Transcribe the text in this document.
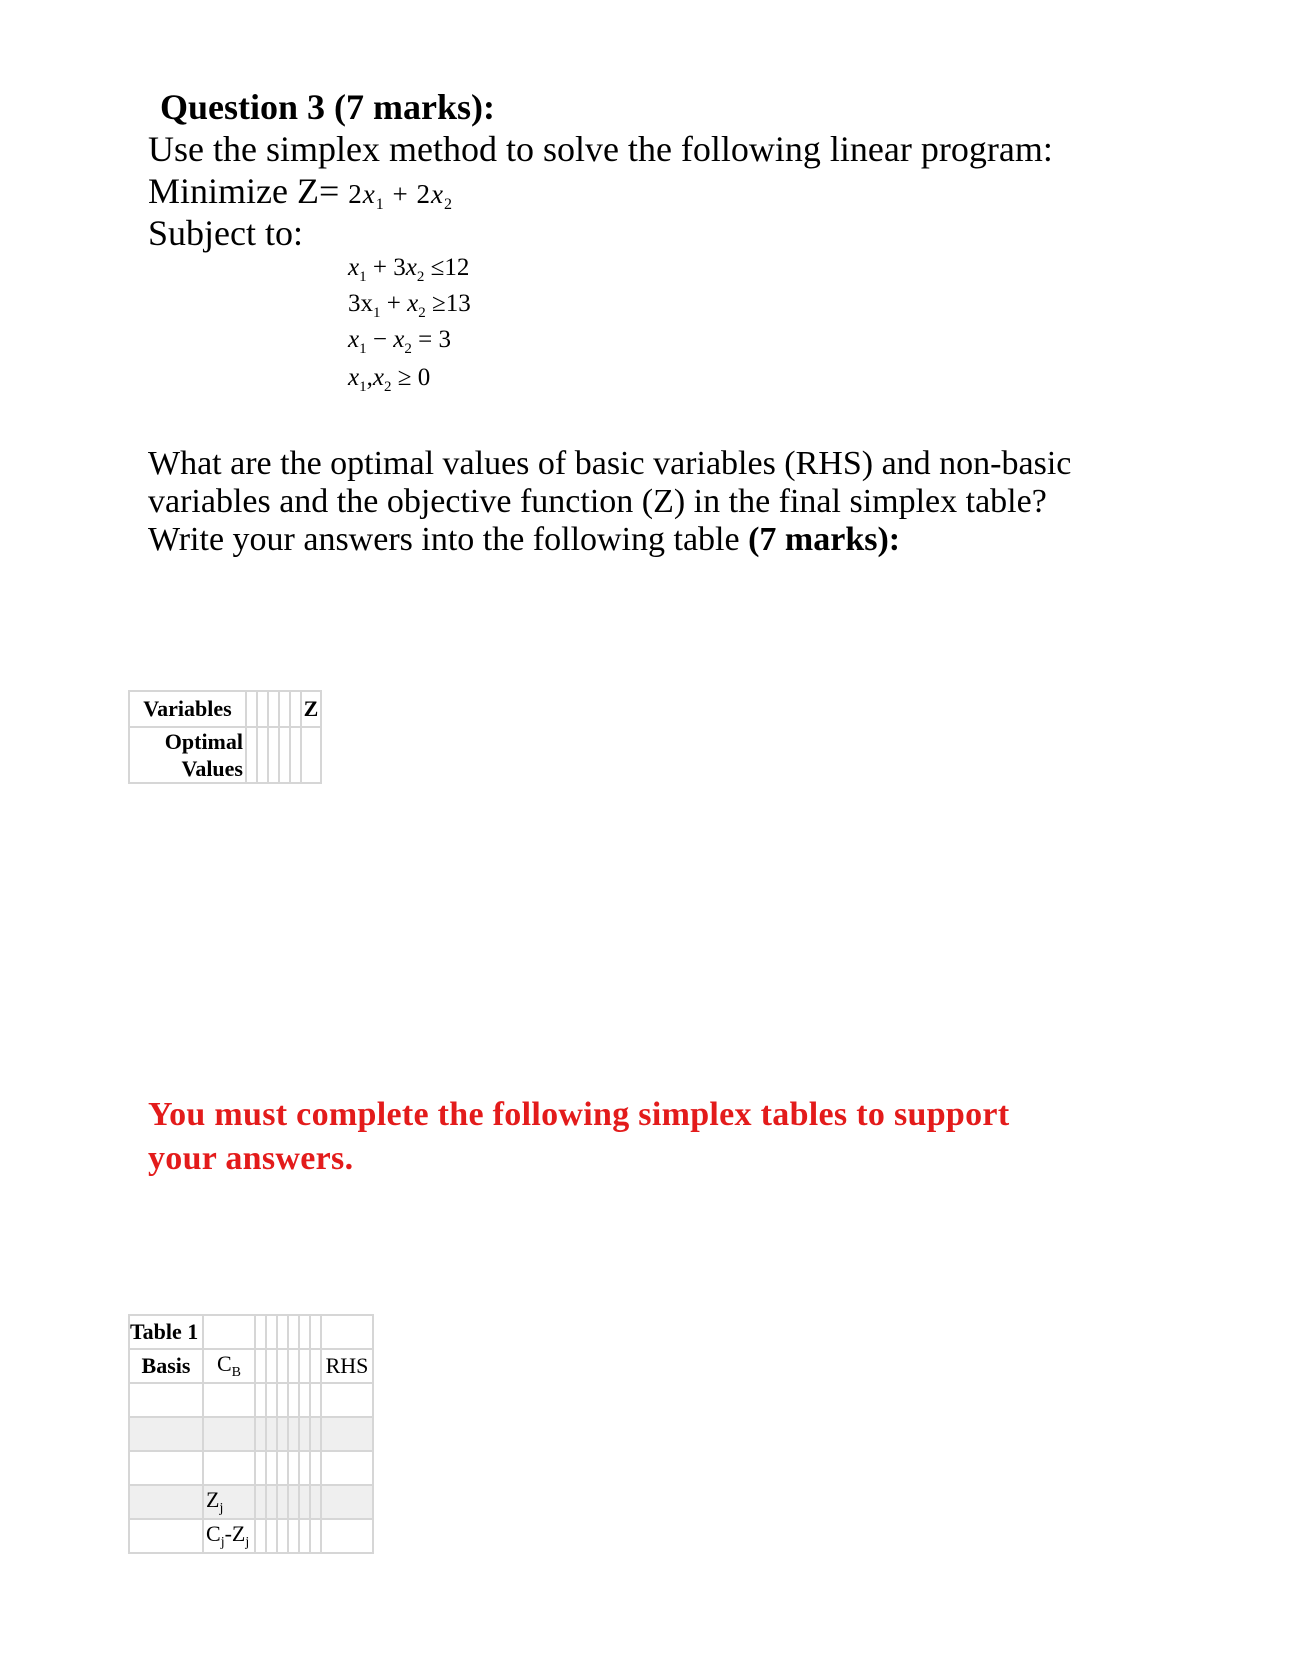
Question 3 (7 marks):
Use the simplex method to solve the following linear program:
Minimize $Z= 2x_1 + 2x_2$
Subject to:
$x_1 + 3x_2 \le 12$
$3x_1 + x_2 \ge 13$
$x_1 - x_2 = 3$
$x_1,x_2 \ge 0$
What are the optimal values of basic variables (RHS) and non-basic
variables and the objective function (Z) in the final simplex table?
Write your answers into the following table (7 marks):
Variables						Z

Optimal
Values						

You must complete the following simplex tables to support
your answers.
Table 1								
Basis	$C_B$							RHS

	$Z_j$							
	$C_j-Z_j$							
